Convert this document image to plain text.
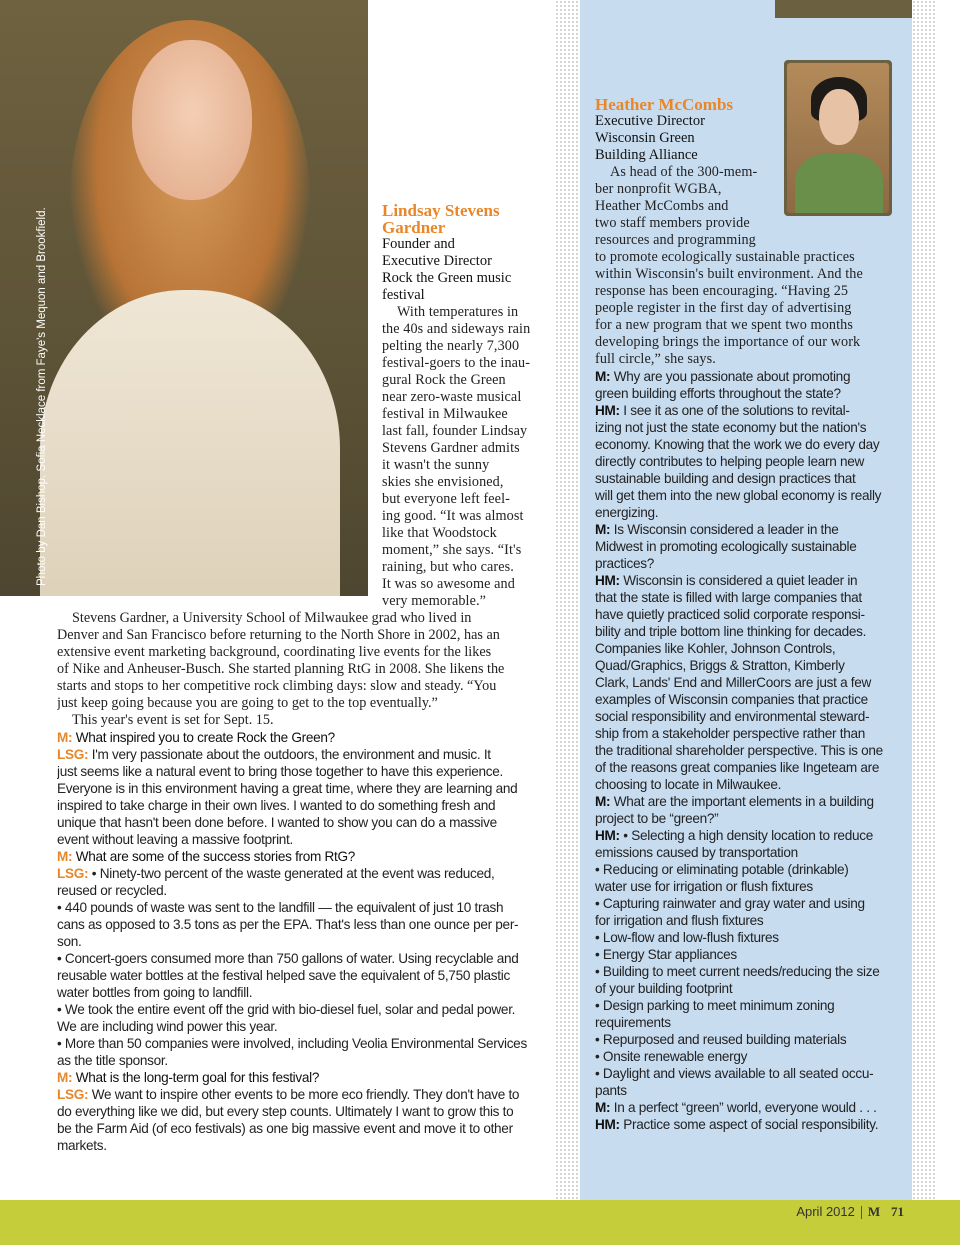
Photo by Dan Bishop. Sofia Necklace from Faye's Mequon and Brookfield.	Lindsay Stevens
Gardner
Founder and
Executive Director
Rock the Green music
festival
With temperatures in
the 40s and sideways rain
pelting the nearly 7,300
festival-goers to the inau-
gural Rock the Green
near zero-waste musical
festival in Milwaukee
last fall, founder Lindsay
Stevens Gardner admits
it wasn't the sunny
skies she envisioned,
but everyone left feel-
ing good. “It was almost
like that Woodstock
moment,” she says. “It's
raining, but who cares.
It was so awesome and
very memorable.”
Stevens Gardner, a University School of Milwaukee grad who lived in
Denver and San Francisco before returning to the North Shore in 2002, has an
extensive event marketing background, coordinating live events for the likes
of Nike and Anheuser-Busch. She started planning RtG in 2008. She likens the
starts and stops to her competitive rock climbing days: slow and steady. “You
just keep going because you are going to get to the top eventually.”
This year's event is set for Sept. 15.
M: What inspired you to create Rock the Green?
LSG: I'm very passionate about the outdoors, the environment and music. It
just seems like a natural event to bring those together to have this experience.
Everyone is in this environment having a great time, where they are learning and
inspired to take charge in their own lives. I wanted to do something fresh and
unique that hasn't been done before. I wanted to show you can do a massive
event without leaving a massive footprint.
M: What are some of the success stories from RtG?
LSG: • Ninety-two percent of the waste generated at the event was reduced,
reused or recycled.
• 440 pounds of waste was sent to the landfill — the equivalent of just 10 trash
cans as opposed to 3.5 tons as per the EPA. That's less than one ounce per per-
son.
• Concert-goers consumed more than 750 gallons of water. Using recyclable and
reusable water bottles at the festival helped save the equivalent of 5,750 plastic
water bottles from going to landfill.
• We took the entire event off the grid with bio-diesel fuel, solar and pedal power.
We are including wind power this year.
• More than 50 companies were involved, including Veolia Environmental Services
as the title sponsor.
M: What is the long-term goal for this festival?
LSG: We want to inspire other events to be more eco friendly. They don't have to
do everything like we did, but every step counts. Ultimately I want to grow this to
be the Farm Aid (of eco festivals) as one big massive event and move it to other
markets.
Heather McCombs
Executive Director
Wisconsin Green
Building Alliance
As head of the 300-mem-
ber nonprofit WGBA,
Heather McCombs and
two staff members provide
resources and programming
to promote ecologically sustainable practices
within Wisconsin's built environment. And the
response has been encouraging. “Having 25
people register in the first day of advertising
for a new program that we spent two months
developing brings the importance of our work
full circle,” she says.
M: Why are you passionate about promoting
green building efforts throughout the state?
HM: I see it as one of the solutions to revital-
izing not just the state economy but the nation's
economy. Knowing that the work we do every day
directly contributes to helping people learn new
sustainable building and design practices that
will get them into the new global economy is really
energizing.
M: Is Wisconsin considered a leader in the
Midwest in promoting ecologically sustainable
practices?
HM: Wisconsin is considered a quiet leader in
that the state is filled with large companies that
have quietly practiced solid corporate responsi-
bility and triple bottom line thinking for decades.
Companies like Kohler, Johnson Controls,
Quad/Graphics, Briggs & Stratton, Kimberly
Clark, Lands' End and MillerCoors are just a few
examples of Wisconsin companies that practice
social responsibility and environmental steward-
ship from a stakeholder perspective rather than
the traditional shareholder perspective. This is one
of the reasons great companies like Ingeteam are
choosing to locate in Milwaukee.
M: What are the important elements in a building
project to be “green?”
HM: • Selecting a high density location to reduce
emissions caused by transportation
• Reducing or eliminating potable (drinkable)
water use for irrigation or flush fixtures
• Capturing rainwater and gray water and using
for irrigation and flush fixtures
• Low-flow and low-flush fixtures
• Energy Star appliances
• Building to meet current needs/reducing the size
of your building footprint
• Design parking to meet minimum zoning
requirements
• Repurposed and reused building materials
• Onsite renewable energy
• Daylight and views available to all seated occu-
pants
M: In a perfect “green” world, everyone would . . .
HM: Practice some aspect of social responsibility.
April 2012 M 71
